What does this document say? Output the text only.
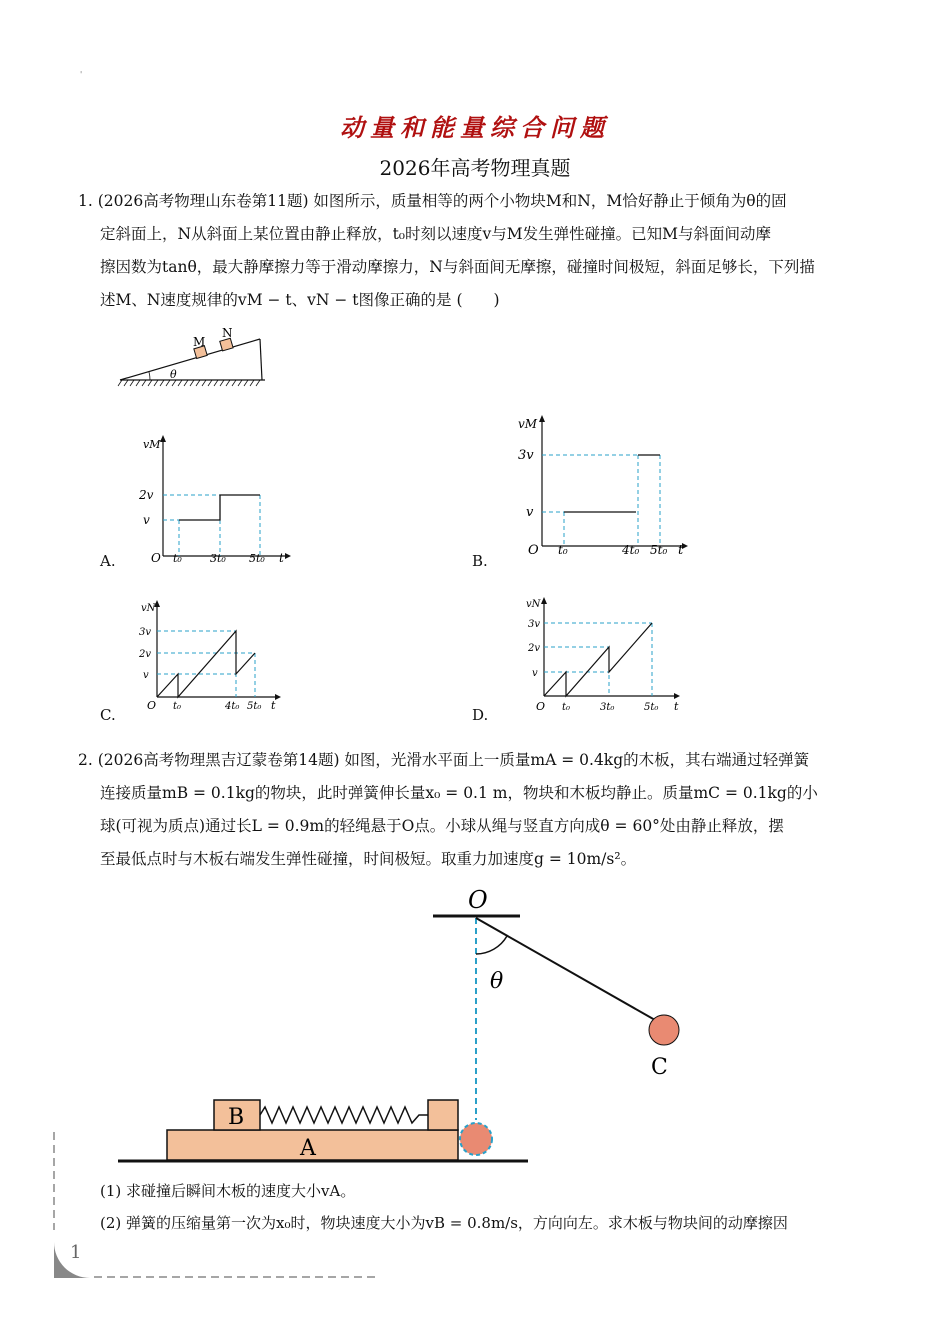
'
动量和能量综合问题
2026年高考物理真题
1. (2026高考物理山东卷第11题) 如图所示，质量相等的两个小物块M和N，M恰好静止于倾角为θ的固
定斜面上，N从斜面上某位置由静止释放，t₀时刻以速度v与M发生弹性碰撞。已知M与斜面间动摩
擦因数为tanθ，最大静摩擦力等于滑动摩擦力，N与斜面间无摩擦，碰撞时间极短，斜面足够长，下列描
述M、N速度规律的vM − t、vN − t图像正确的是 (　　)
θ
M
N
A.
vM
t
O
v
2v
t₀	3t₀ 5t₀	B.
vM
t
O
v
3v
t₀	4t₀ 5t₀
C.
vN
t
O
v
2v
3v
t₀	4t₀ 5t₀	D.
vN
t
O
v
2v
3v
t₀	3t₀	5t₀
2. (2026高考物理黑吉辽蒙卷第14题) 如图，光滑水平面上一质量mA = 0.4kg的木板，其右端通过轻弹簧
连接质量mB = 0.1kg的物块，此时弹簧伸长量x₀ = 0.1 m，物块和木板均静止。质量mC = 0.1kg的小
球(可视为质点)通过长L = 0.9m的轻绳悬于O点。小球从绳与竖直方向成θ = 60°处由静止释放，摆
至最低点时与木板右端发生弹性碰撞，时间极短。取重力加速度g = 10m/s²。
O
θ
C
A
B
(1) 求碰撞后瞬间木板的速度大小vA。
(2) 弹簧的压缩量第一次为x₀时，物块速度大小为vB = 0.8m/s，方向向左。求木板与物块间的动摩擦因
1
